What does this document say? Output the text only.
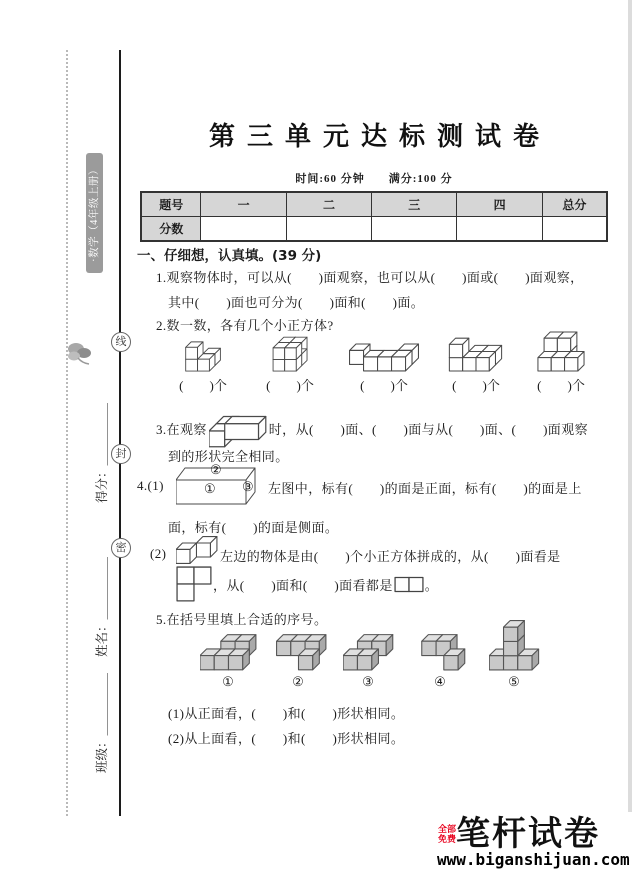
·数学（4年级上册）
线
封
密
得分：＿＿＿＿＿
姓名：＿＿＿＿＿
班级：＿＿＿＿＿
第三单元达标测试卷
时间:60 分钟　　满分:100 分
题号	一	二	三	四	总分
分数					
一、仔细想，认真填。(39 分)
1.观察物体时，可以从(　　)面观察，也可以从(　　)面或(　　)面观察，
其中(　　)面也可分为(　　)面和(　　)面。
2.数一数，各有几个小正方体?
(　　)个	(　　)个	(　　)个	(　　)个	(　　)个
3.在观察	时，从(　　)面、(　　)面与从(　　)面、(　　)面观察
到的形状完全相同。
4.(1)
②
① ③ 左图中，标有(　　)的面是正面，标有(　　)的面是上
面，标有(　　)的面是侧面。
(2)	左边的物体是由(　　)个小正方体拼成的，从(　　)面看是
，从(　　)面和(　　)面看都是 。
5.在括号里填上合适的序号。
①	②	③	④	⑤
(1)从正面看，(　　)和(　　)形状相同。
(2)从上面看，(　　)和(　　)形状相同。
全部免费 笔杆试卷
www.biganshijuan.com
